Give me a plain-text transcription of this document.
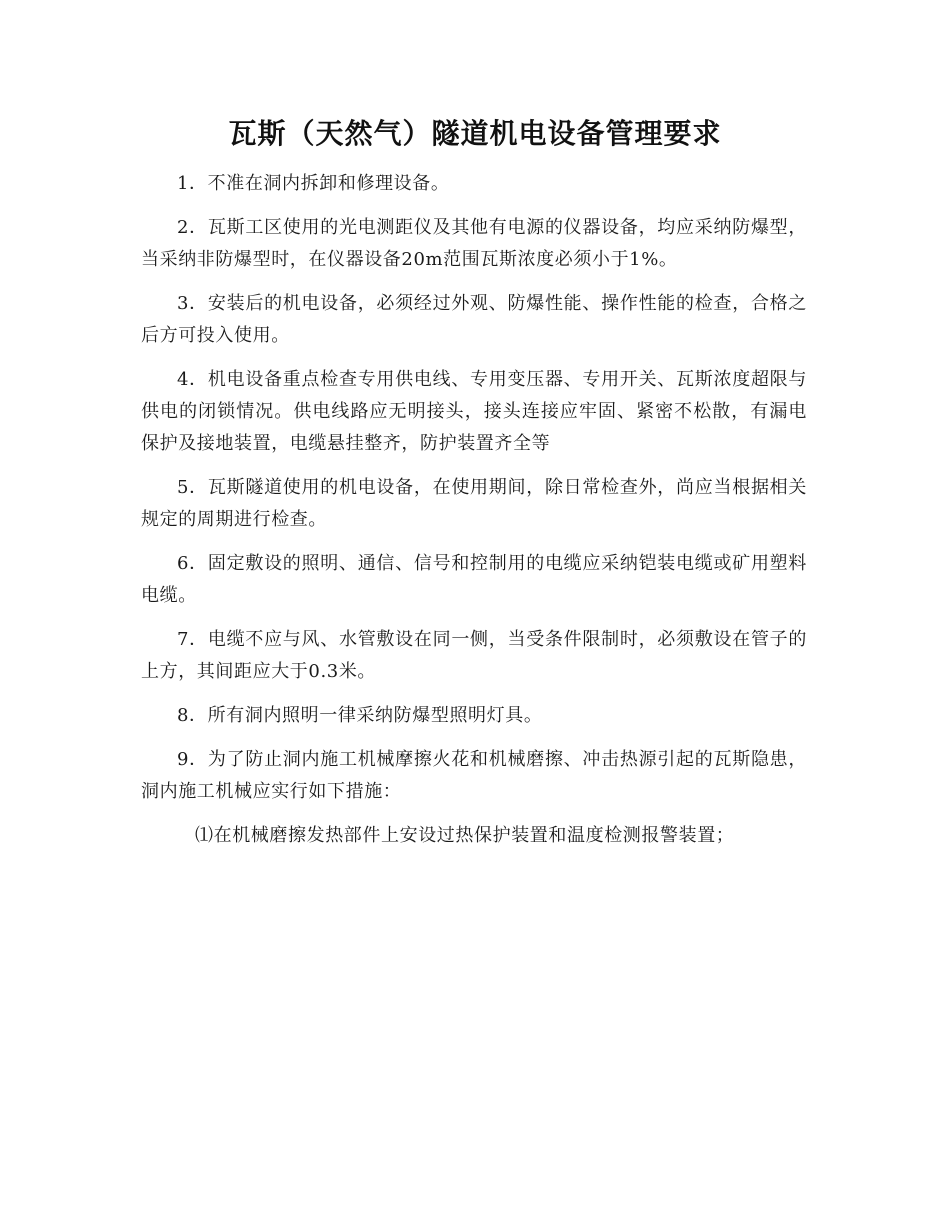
瓦斯（天然气）隧道机电设备管理要求

1．不准在洞内拆卸和修理设备。

2．瓦斯工区使用的光电测距仪及其他有电源的仪器设备，均应采纳防爆型，当采纳非防爆型时，在仪器设备20m范围瓦斯浓度必须小于1%。

3．安装后的机电设备，必须经过外观、防爆性能、操作性能的检查，合格之后方可投入使用。

4．机电设备重点检查专用供电线、专用变压器、专用开关、瓦斯浓度超限与供电的闭锁情况。供电线路应无明接头，接头连接应牢固、紧密不松散，有漏电保护及接地装置，电缆悬挂整齐，防护装置齐全等

5．瓦斯隧道使用的机电设备，在使用期间，除日常检查外，尚应当根据相关规定的周期进行检查。

6．固定敷设的照明、通信、信号和控制用的电缆应采纳铠装电缆或矿用塑料电缆。

7．电缆不应与风、水管敷设在同一侧，当受条件限制时，必须敷设在管子的上方，其间距应大于0.3米。

8．所有洞内照明一律采纳防爆型照明灯具。

9．为了防止洞内施工机械摩擦火花和机械磨擦、冲击热源引起的瓦斯隐患，洞内施工机械应实行如下措施：

⑴在机械磨擦发热部件上安设过热保护装置和温度检测报警装置；
